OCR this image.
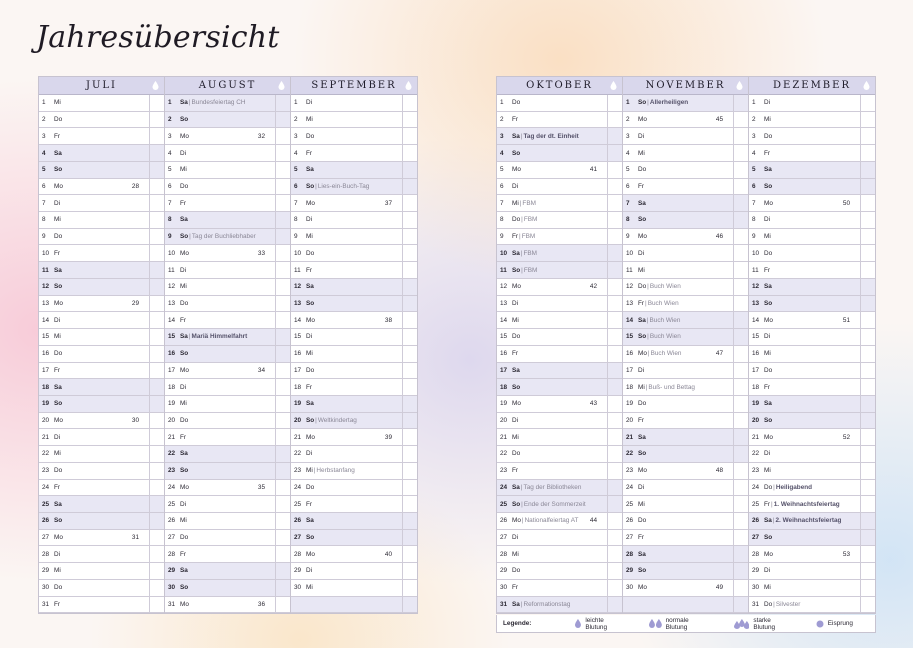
Jahresübersicht
JULI
1	Mi
2	Do
3	Fr
4	Sa
5	So
6	Mo	28
7	Di
8	Mi
9	Do
10 Fr
11 Sa
12 So
13 Mo	29
14 Di
15 Mi
16 Do
17 Fr
18 Sa
19 So
20 Mo	30
21 Di
22 Mi
23 Do
24 Fr
25 Sa
26 So
27 Mo	31
28 Di
29 Mi
30 Do
31 Fr
AUGUST
1	Sa | Bundesfeiertag CH
2	So
3	Mo	32
4	Di
5	Mi
6	Do
7	Fr
8	Sa
9	So | Tag der Buchliebhaber
10 Mo	33
11 Di
12 Mi
13 Do
14 Fr
15 Sa | Mariä Himmelfahrt
16 So
17 Mo	34
18 Di
19 Mi
20 Do
21 Fr
22 Sa
23 So
24 Mo	35
25 Di
26 Mi
27 Do
28 Fr
29 Sa
30 So
31 Mo	36
SEPTEMBER
1	Di
2	Mi
3	Do
4	Fr
5	Sa
6	So | Lies-ein-Buch-Tag
7	Mo	37
8	Di
9	Mi
10 Do
11 Fr
12 Sa
13 So
14 Mo	38
15 Di
16 Mi
17 Do
18 Fr
19 Sa
20 So | Weltkindertag
21 Mo	39
22 Di
23 Mi | Herbstanfang
24 Do
25 Fr
26 Sa
27 So
28 Mo	40
29 Di
30 Mi
OKTOBER
1	Do
2	Fr
3	Sa | Tag der dt. Einheit
4	So
5	Mo	41
6	Di
7	Mi | FBM
8	Do | FBM
9	Fr | FBM
10 Sa | FBM
11 So | FBM
12 Mo	42
13 Di
14 Mi
15 Do
16 Fr
17 Sa
18 So
19 Mo	43
20 Di
21 Mi
22 Do
23 Fr
24 Sa | Tag der Bibliotheken
25 So | Ende der Sommerzeit
26 Mo | Nationalfeiertag AT 44
27 Di
28 Mi
29 Do
30 Fr
31 Sa | Reformationstag
NOVEMBER
1	So | Allerheiligen
2	Mo	45
3	Di
4	Mi
5	Do
6	Fr
7	Sa
8	So
9	Mo	46
10 Di
11 Mi
12 Do | Buch Wien
13 Fr | Buch Wien
14 Sa | Buch Wien
15 So | Buch Wien
16 Mo | Buch Wien	47
17 Di
18 Mi | Buß- und Bettag
19 Do
20 Fr
21 Sa
22 So
23 Mo	48
24 Di
25 Mi
26 Do
27 Fr
28 Sa
29 So
30 Mo	49
DEZEMBER
1	Di
2	Mi
3	Do
4	Fr
5	Sa
6	So
7	Mo	50
8	Di
9	Mi
10 Do
11 Fr
12 Sa
13 So
14 Mo	51
15 Di
16 Mi
17 Do
18 Fr
19 Sa
20 So
21 Mo	52
22 Di
23 Mi
24 Do | Heiligabend
25 Fr | 1. Weihnachtsfeiertag
26 Sa | 2. Weihnachtsfeiertag
27 So
28 Mo	53
29 Di
30 Mi
31 Do | Silvester
Legende:	leichte Blutung
normale Blutung
starke Blutung	Eisprung
